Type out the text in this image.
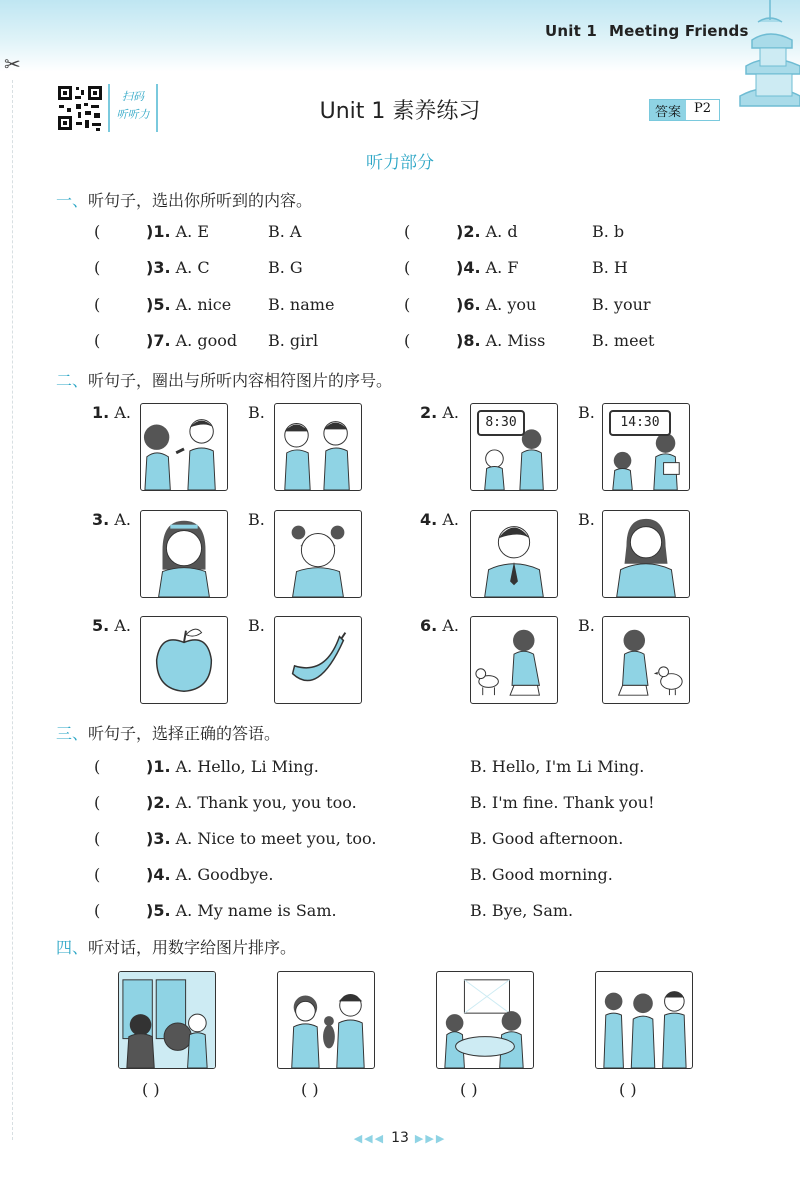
Unit 1 Meeting Friends
✂
扫码
听听力	Unit 1 素养练习	答案	P2
听力部分
一、听句子，选出你所听到的内容。
(	)1. A. E	B. A	(	)2. A. d	B. b
(	)3. A. C	B. G	(	)4. A. F	B. H
(	)5. A. nice B. name	(	)6. A. you	B. your
(	)7. A. good B. girl	(	)8. A. Miss	B. meet
二、听句子，圈出与所听内容相符图片的序号。
1. A.	B.	2. A.
8:30
B.
14:30
3. A.	B.	4. A.	B.
5. A.	B.	6. A.	B.
三、听句子，选择正确的答语。
(	)1. A. Hello, Li Ming.	B. Hello, I'm Li Ming.
(	)2. A. Thank you, you too.	B. I'm fine. Thank you!
(	)3. A. Nice to meet you, too.	B. Good afternoon.
(	)4. A. Goodbye.	B. Good morning.
(	)5. A. My name is Sam.	B. Bye, Sam.
四、听对话，用数字给图片排序。
( )	( )	( )	( )
◀◀◀ 13 ▶▶▶
